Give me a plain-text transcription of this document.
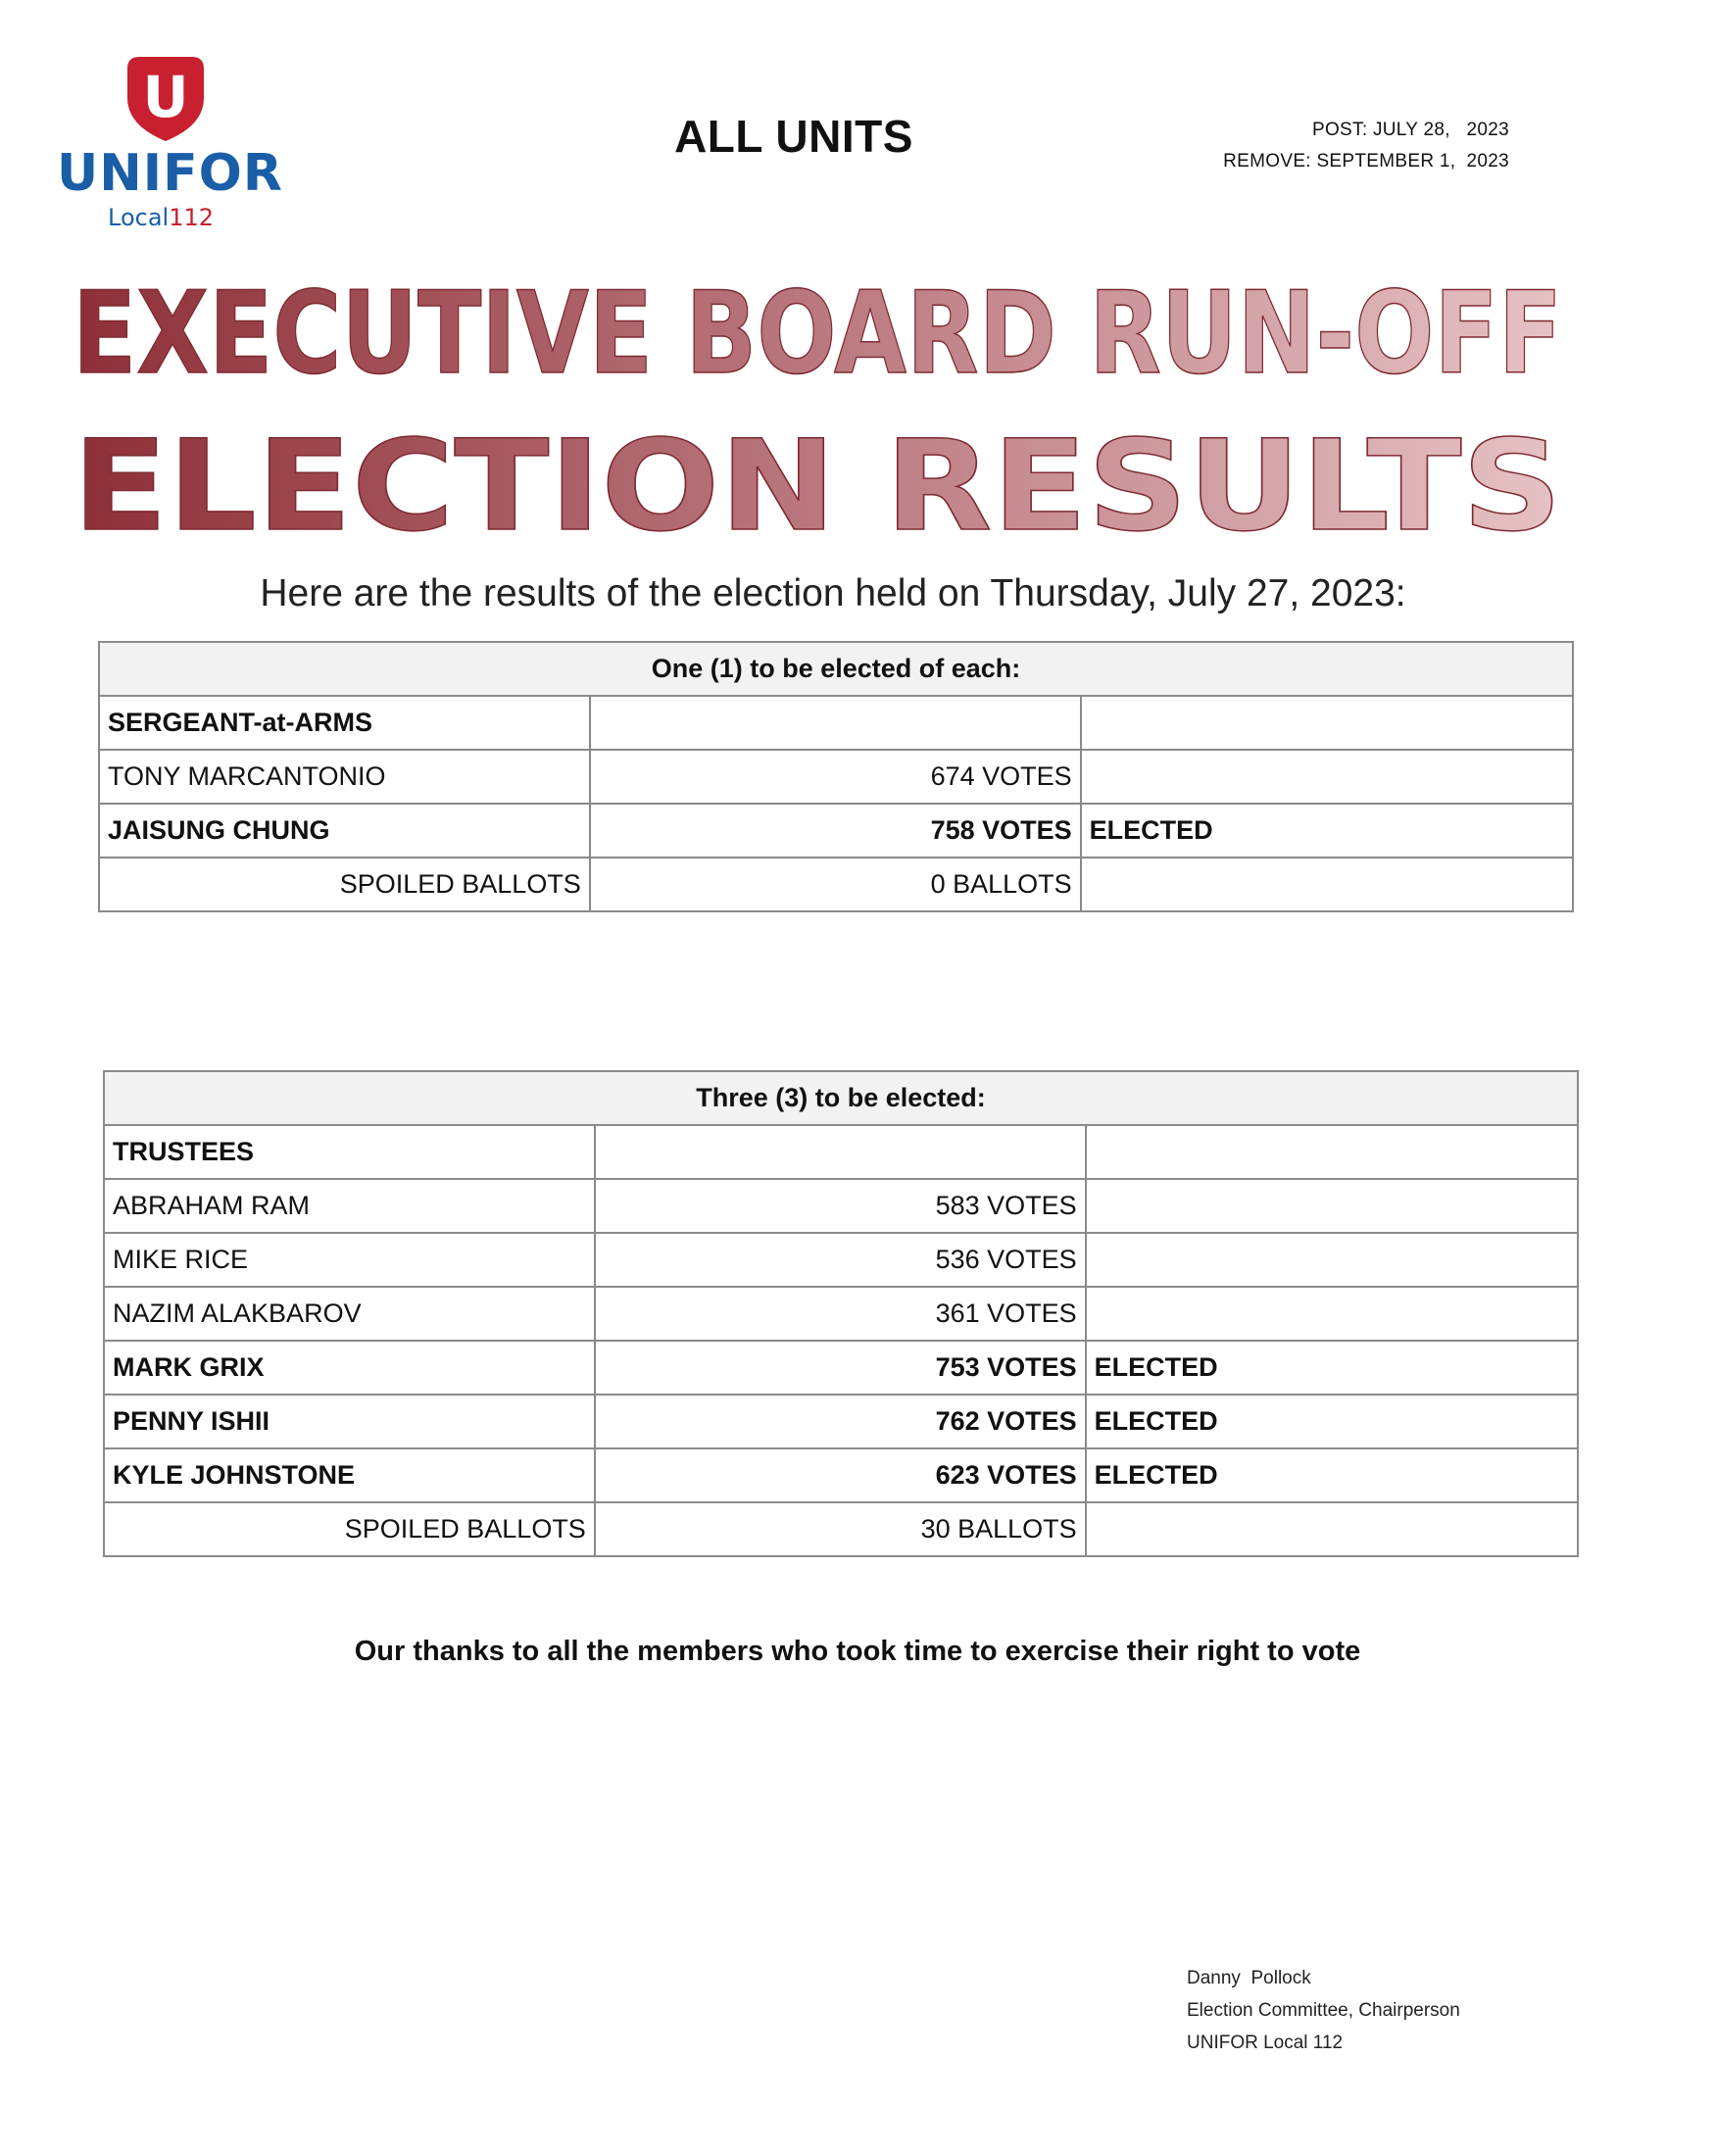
U
UNIFOR
Local112
ALL UNITS	POST: JULY 28,   2023
REMOVE: SEPTEMBER 1,  2023
EXECUTIVE BOARD RUN-OFF
ELECTION RESULTS
Here are the results of the election held on Thursday, July 27, 2023:
One (1) to be elected of each:		
SERGEANT-at-ARMS		
TONY MARCANTONIO	674 VOTES	
JAISUNG CHUNG	758 VOTES	ELECTED
SPOILED BALLOTS	0 BALLOTS	
Three (3) to be elected:		
TRUSTEES		
ABRAHAM RAM	583 VOTES	
MIKE RICE	536 VOTES	
NAZIM ALAKBAROV	361 VOTES	
MARK GRIX	753 VOTES	ELECTED
PENNY ISHII	762 VOTES	ELECTED
KYLE JOHNSTONE	623 VOTES	ELECTED
SPOILED BALLOTS	30 BALLOTS	
Our thanks to all the members who took time to exercise their right to vote
Danny  Pollock
Election Committee, Chairperson
UNIFOR Local 112
